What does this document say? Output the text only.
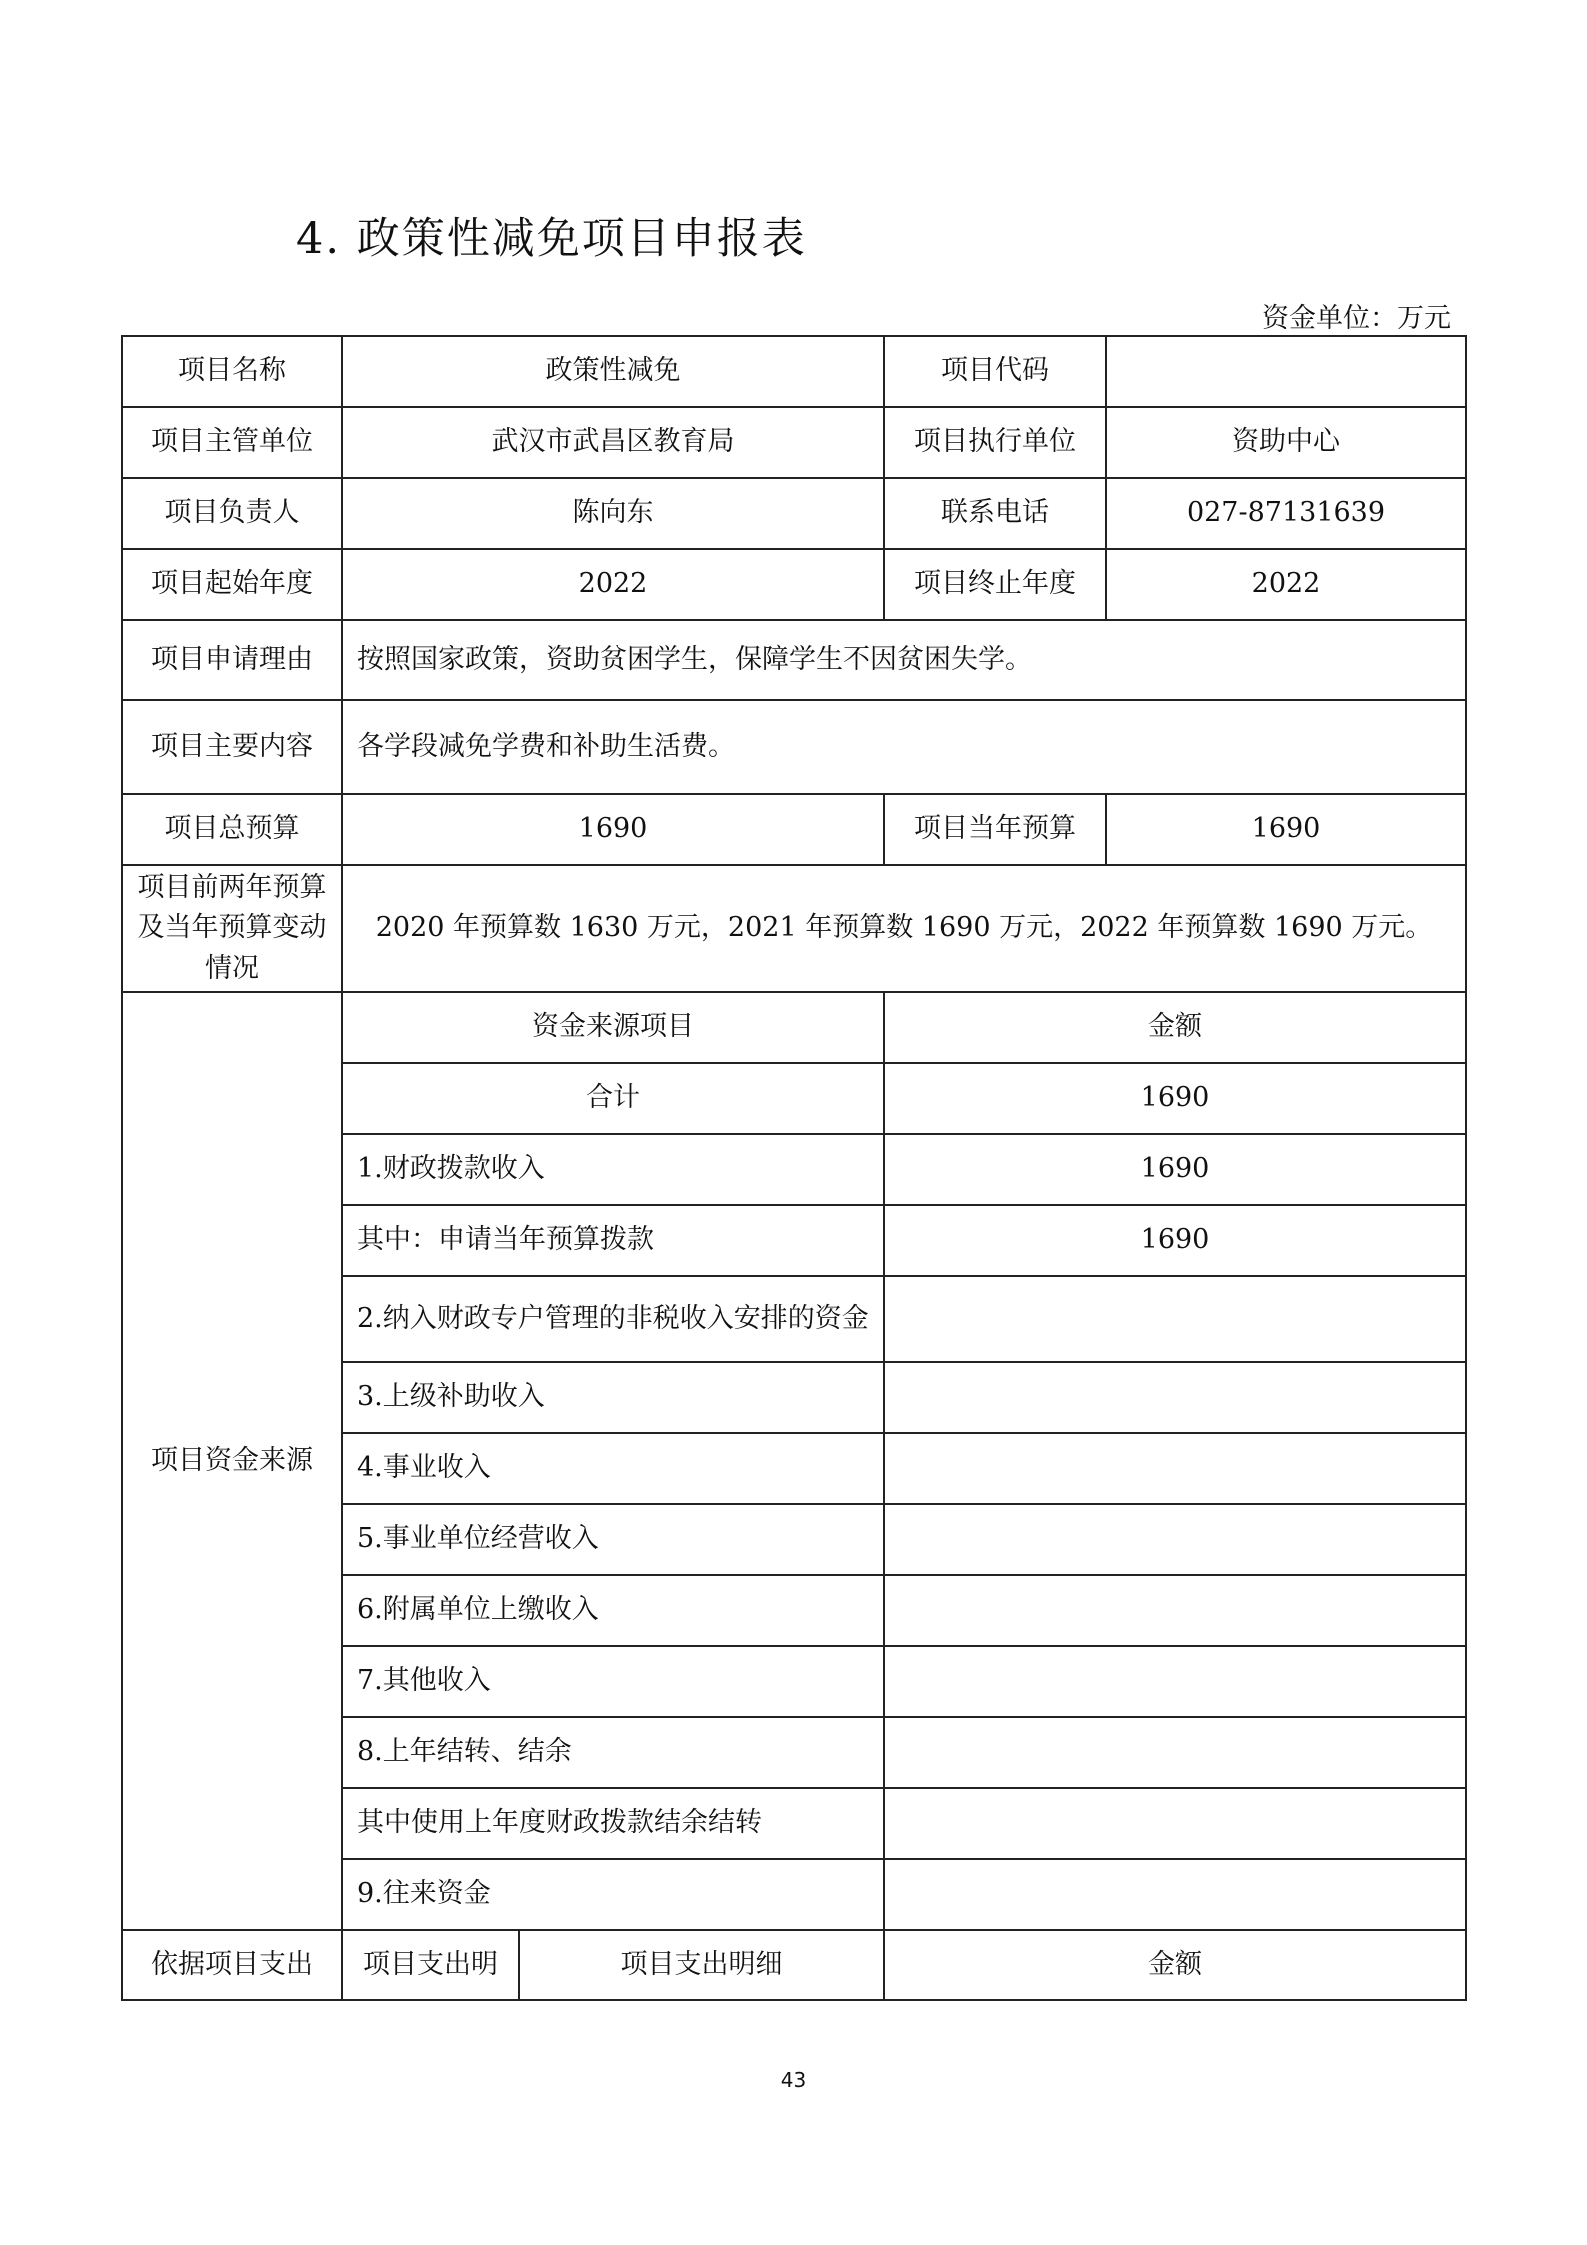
4. 政策性减免项目申报表
资金单位：万元
项目名称	政策性减免		项目代码	
项目主管单位	武汉市武昌区教育局		项目执行单位	资助中心
项目负责人	陈向东		联系电话	027-87131639
项目起始年度	2022		项目终止年度	2022
项目申请理由	按照国家政策，资助贫困学生，保障学生不因贫困失学。			
项目主要内容	各学段减免学费和补助生活费。			
项目总预算	1690		项目当年预算	1690
项目前两年预算及当年预算变动情况	2020 年预算数 1630 万元，2021 年预算数 1690 万元，2022 年预算数 1690 万元。			
项目资金来源	资金来源项目		金额	
	合计		1690	
	1.财政拨款收入		1690	
	其中：申请当年预算拨款		1690	
	2.纳入财政专户管理的非税收入安排的资金			
	3.上级补助收入			
	4.事业收入			
	5.事业单位经营收入			
	6.附属单位上缴收入			
	7.其他收入			
	8.上年结转、结余			
	其中使用上年度财政拨款结余结转			
	9.往来资金			
依据项目支出	项目支出明	项目支出明细	金额	
43
